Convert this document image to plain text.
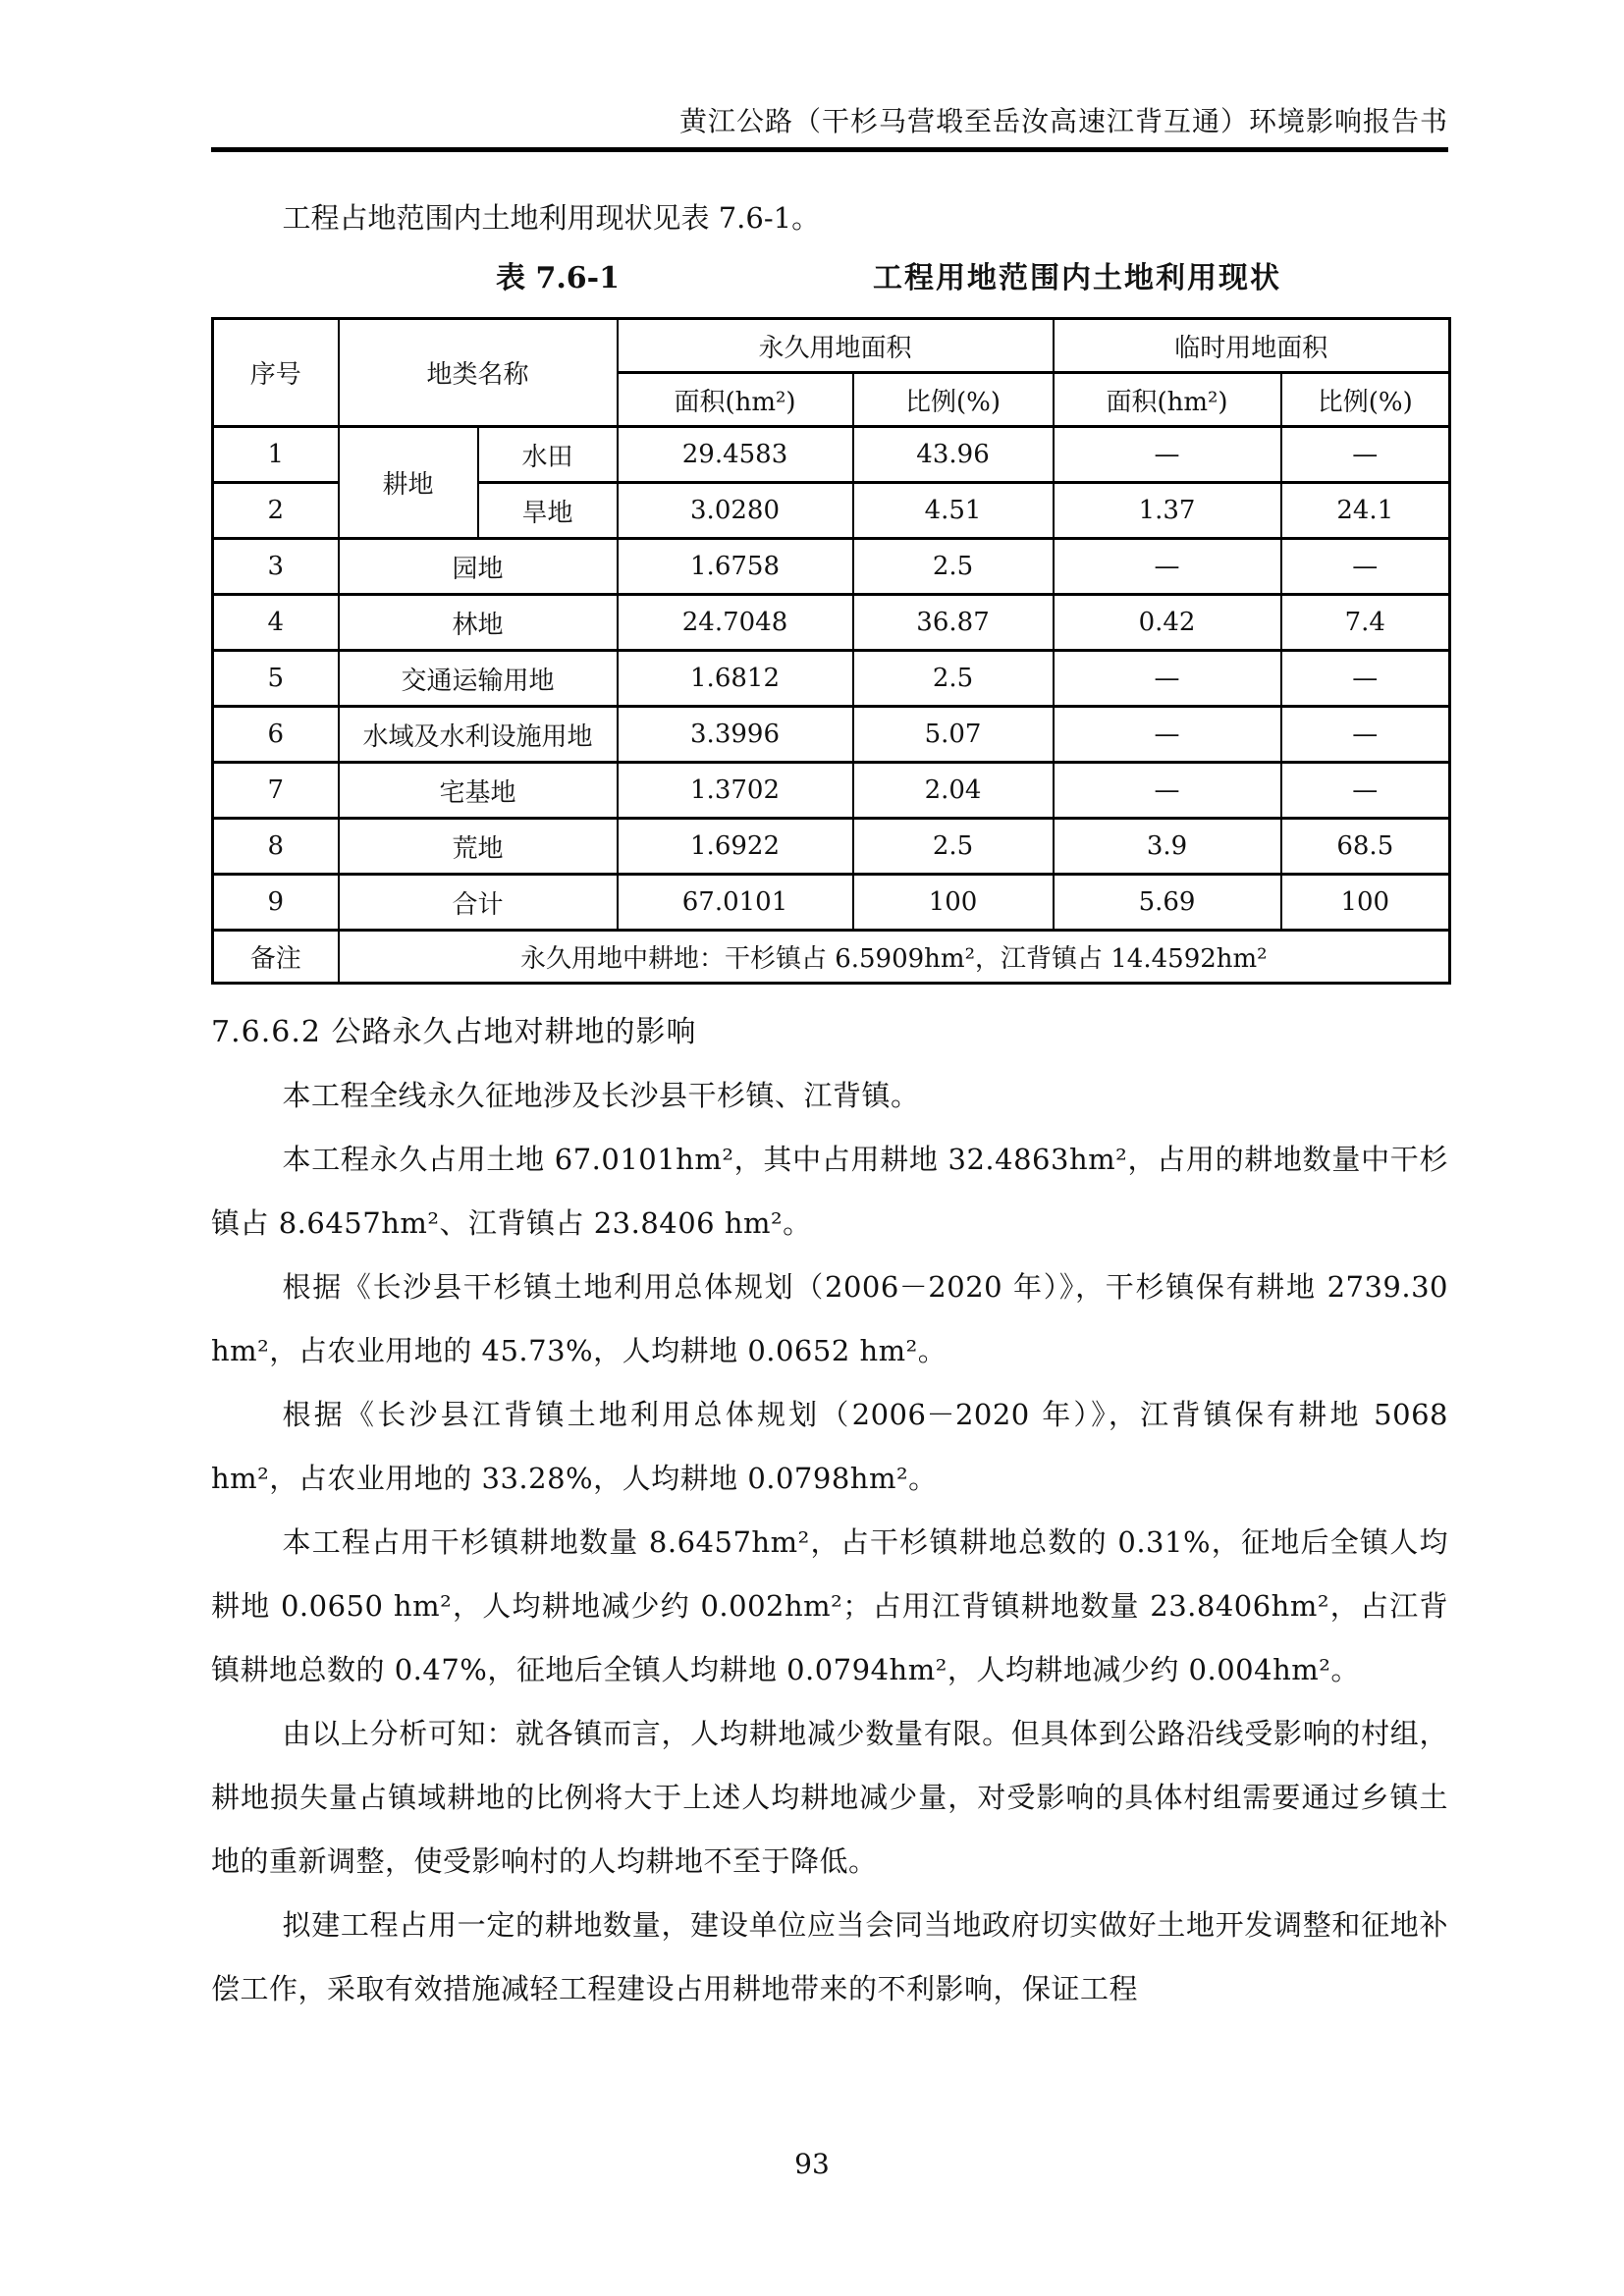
黄江公路（干杉马营塅至岳汝高速江背互通）环境影响报告书

工程占地范围内土地利用现状见表 7.6-1。

表 7.6-1	工程用地范围内土地利用现状
序号	地类名称		永久用地面积		临时用地面积	
			面积(hm²)	比例(%)	面积(hm²)	比例(%)
1	耕地	水田	29.4583	43.96	—	—
2		旱地	3.0280	4.51	1.37	24.1
3	园地		1.6758	2.5	—	—
4	林地		24.7048	36.87	0.42	7.4
5	交通运输用地		1.6812	2.5	—	—
6	水域及水利设施用地		3.3996	5.07	—	—
7	宅基地		1.3702	2.04	—	—
8	荒地		1.6922	2.5	3.9	68.5
9	合计		67.0101	100	5.69	100
备注	永久用地中耕地：干杉镇占 6.5909hm²，江背镇占 14.4592hm²					
7.6.6.2 公路永久占地对耕地的影响

本工程全线永久征地涉及长沙县干杉镇、江背镇。

本工程永久占用土地 67.0101hm²，其中占用耕地 32.4863hm²，占用的耕地数量中干杉镇占 8.6457hm²、江背镇占 23.8406 hm²。

根据《长沙县干杉镇土地利用总体规划（2006－2020 年）》，干杉镇保有耕地 2739.30 hm²，占农业用地的 45.73%，人均耕地 0.0652 hm²。

根据《长沙县江背镇土地利用总体规划（2006－2020 年）》，江背镇保有耕地 5068 hm²，占农业用地的 33.28%，人均耕地 0.0798hm²。

本工程占用干杉镇耕地数量 8.6457hm²，占干杉镇耕地总数的 0.31%，征地后全镇人均耕地 0.0650 hm²，人均耕地减少约 0.002hm²；占用江背镇耕地数量 23.8406hm²，占江背镇耕地总数的 0.47%，征地后全镇人均耕地 0.0794hm²，人均耕地减少约 0.004hm²。

由以上分析可知：就各镇而言，人均耕地减少数量有限。但具体到公路沿线受影响的村组，耕地损失量占镇域耕地的比例将大于上述人均耕地减少量，对受影响的具体村组需要通过乡镇土地的重新调整，使受影响村的人均耕地不至于降低。

拟建工程占用一定的耕地数量，建设单位应当会同当地政府切实做好土地开发调整和征地补偿工作，采取有效措施减轻工程建设占用耕地带来的不利影响，保证工程

93
